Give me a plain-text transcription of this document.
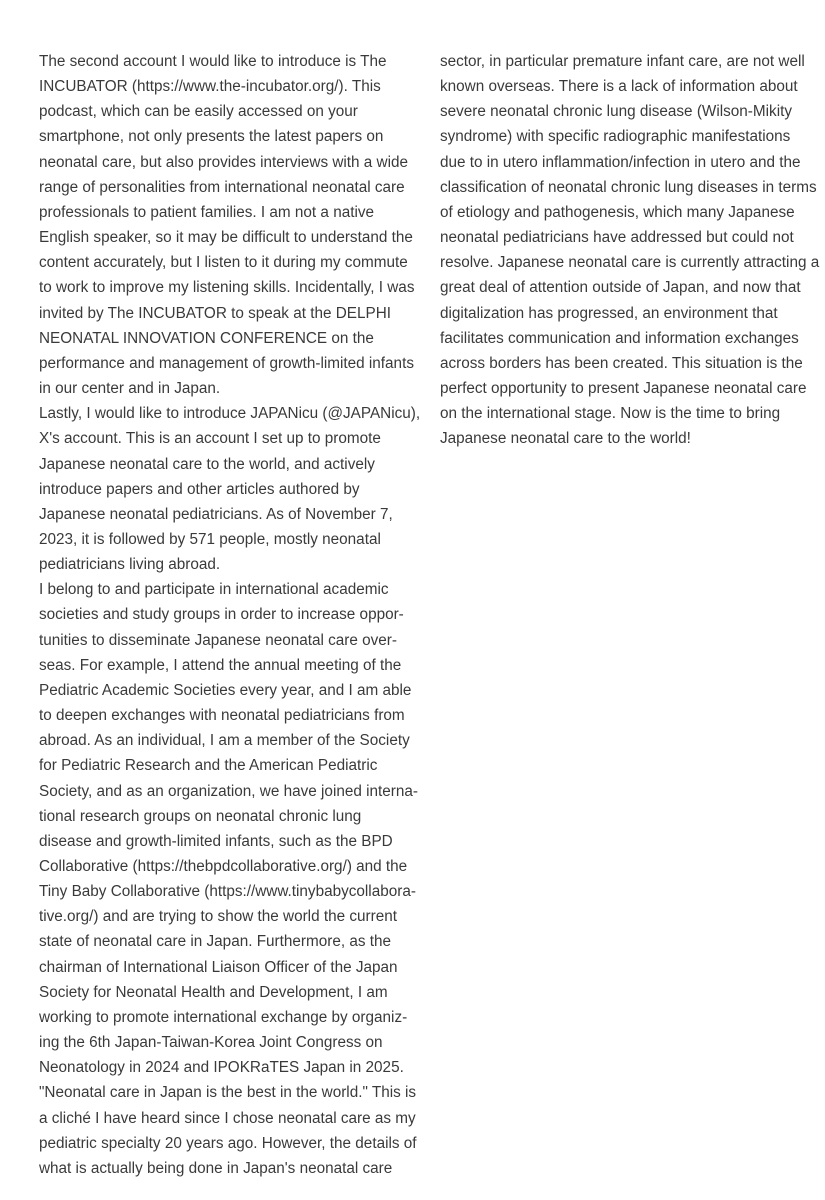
The second account I would like to introduce is The
INCUBATOR (https://www.the-incubator.org/). This
podcast, which can be easily accessed on your
smartphone, not only presents the latest papers on
neonatal care, but also provides interviews with a wide
range of personalities from international neonatal care
professionals to patient families. I am not a native
English speaker, so it may be difficult to understand the
content accurately, but I listen to it during my commute
to work to improve my listening skills. Incidentally, I was
invited by The INCUBATOR to speak at the DELPHI
NEONATAL INNOVATION CONFERENCE on the
performance and management of growth-limited infants
in our center and in Japan.
Lastly, I would like to introduce JAPANicu (@JAPANicu),
X's account. This is an account I set up to promote
Japanese neonatal care to the world, and actively
introduce papers and other articles authored by
Japanese neonatal pediatricians. As of November 7,
2023, it is followed by 571 people, mostly neonatal
pediatricians living abroad.
I belong to and participate in international academic
societies and study groups in order to increase oppor-
tunities to disseminate Japanese neonatal care over-
seas. For example, I attend the annual meeting of the
Pediatric Academic Societies every year, and I am able
to deepen exchanges with neonatal pediatricians from
abroad. As an individual, I am a member of the Society
for Pediatric Research and the American Pediatric
Society, and as an organization, we have joined interna-
tional research groups on neonatal chronic lung
disease and growth-limited infants, such as the BPD
Collaborative (https://thebpdcollaborative.org/) and the
Tiny Baby Collaborative (https://www.tinybabycollabora-
tive.org/) and are trying to show the world the current
state of neonatal care in Japan. Furthermore, as the
chairman of International Liaison Officer of the Japan
Society for Neonatal Health and Development, I am
working to promote international exchange by organiz-
ing the 6th Japan-Taiwan-Korea Joint Congress on
Neonatology in 2024 and IPOKRaTES Japan in 2025.
"Neonatal care in Japan is the best in the world." This is
a cliché I have heard since I chose neonatal care as my
pediatric specialty 20 years ago. However, the details of
what is actually being done in Japan's neonatal care
sector, in particular premature infant care, are not well
known overseas. There is a lack of information about
severe neonatal chronic lung disease (Wilson-Mikity
syndrome) with specific radiographic manifestations
due to in utero inflammation/infection in utero and the
classification of neonatal chronic lung diseases in terms
of etiology and pathogenesis, which many Japanese
neonatal pediatricians have addressed but could not
resolve. Japanese neonatal care is currently attracting a
great deal of attention outside of Japan, and now that
digitalization has progressed, an environment that
facilitates communication and information exchanges
across borders has been created. This situation is the
perfect opportunity to present Japanese neonatal care
on the international stage. Now is the time to bring
Japanese neonatal care to the world!
